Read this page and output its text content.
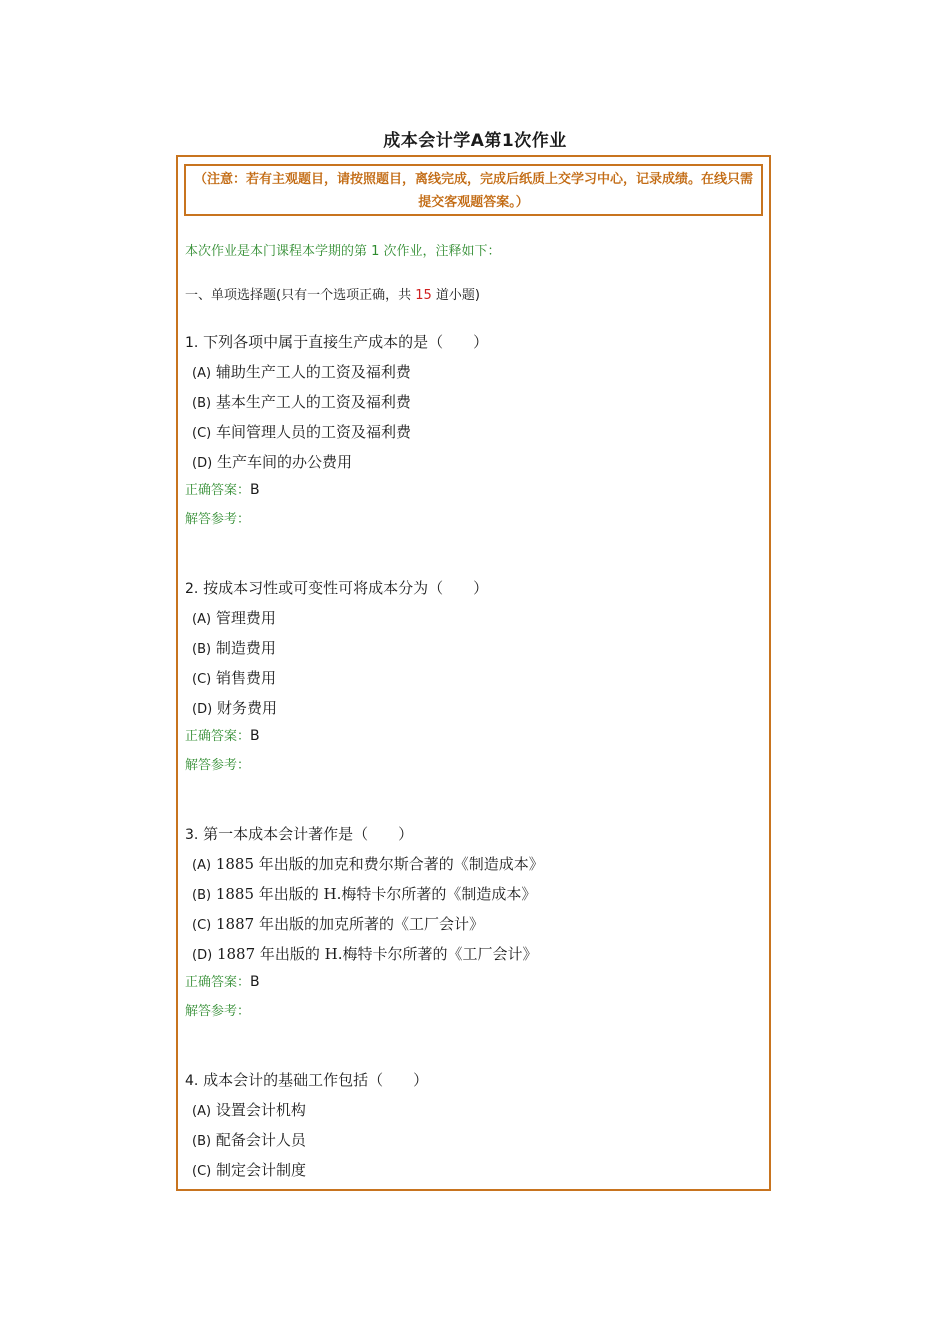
成本会计学A第1次作业
（注意：若有主观题目，请按照题目，离线完成，完成后纸质上交学习中心，记录成绩。在线只需提交客观题答案。）
本次作业是本门课程本学期的第 1 次作业，注释如下：
一、单项选择题(只有一个选项正确，共 15 道小题)
1. 下列各项中属于直接生产成本的是（　　）
(A) 辅助生产工人的工资及福利费
(B) 基本生产工人的工资及福利费
(C) 车间管理人员的工资及福利费
(D) 生产车间的办公费用
正确答案：B
解答参考：
2. 按成本习性或可变性可将成本分为（　　）
(A) 管理费用
(B) 制造费用
(C) 销售费用
(D) 财务费用
正确答案：B
解答参考：
3. 第一本成本会计著作是（　　）
(A) 1885 年出版的加克和费尔斯合著的《制造成本》
(B) 1885 年出版的 H.梅特卡尔所著的《制造成本》
(C) 1887 年出版的加克所著的《工厂会计》
(D) 1887 年出版的 H.梅特卡尔所著的《工厂会计》
正确答案：B
解答参考：
4. 成本会计的基础工作包括（　　）
(A) 设置会计机构
(B) 配备会计人员
(C) 制定会计制度
